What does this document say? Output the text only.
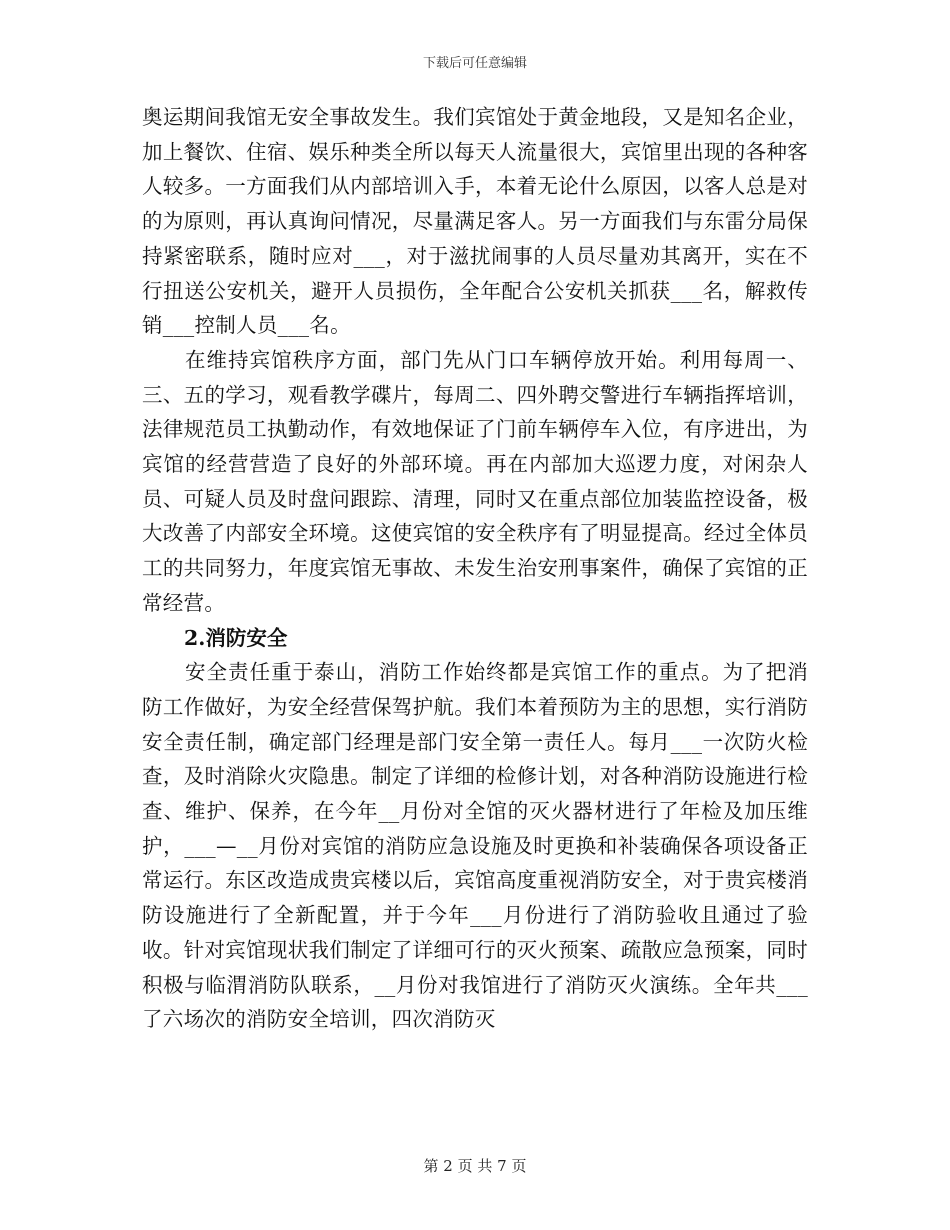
下载后可任意编辑

奥运期间我馆无安全事故发生。我们宾馆处于黄金地段，又是知名企业，加上餐饮、住宿、娱乐种类全所以每天人流量很大，宾馆里出现的各种客人较多。一方面我们从内部培训入手，本着无论什么原因，以客人总是对的为原则，再认真询问情况，尽量满足客人。另一方面我们与东雷分局保持紧密联系，随时应对___，对于滋扰闹事的人员尽量劝其离开，实在不行扭送公安机关，避开人员损伤，全年配合公安机关抓获___名，解救传销___控制人员___名。

在维持宾馆秩序方面，部门先从门口车辆停放开始。利用每周一、三、五的学习，观看教学碟片，每周二、四外聘交警进行车辆指挥培训，法律规范员工执勤动作，有效地保证了门前车辆停车入位，有序进出，为宾馆的经营营造了良好的外部环境。再在内部加大巡逻力度，对闲杂人员、可疑人员及时盘问跟踪、清理，同时又在重点部位加装监控设备，极大改善了内部安全环境。这使宾馆的安全秩序有了明显提高。经过全体员工的共同努力，年度宾馆无事故、未发生治安刑事案件，确保了宾馆的正常经营。

2.消防安全

安全责任重于泰山，消防工作始终都是宾馆工作的重点。为了把消防工作做好，为安全经营保驾护航。我们本着预防为主的思想，实行消防安全责任制，确定部门经理是部门安全第一责任人。每月___一次防火检查，及时消除火灾隐患。制定了详细的检修计划，对各种消防设施进行检查、维护、保养，在今年__月份对全馆的灭火器材进行了年检及加压维护，___—__月份对宾馆的消防应急设施及时更换和补装确保各项设备正常运行。东区改造成贵宾楼以后，宾馆高度重视消防安全，对于贵宾楼消防设施进行了全新配置，并于今年___月份进行了消防验收且通过了验收。针对宾馆现状我们制定了详细可行的灭火预案、疏散应急预案，同时积极与临渭消防队联系，__月份对我馆进行了消防灭火演练。全年共___了六场次的消防安全培训，四次消防灭

第 2 页 共 7 页
